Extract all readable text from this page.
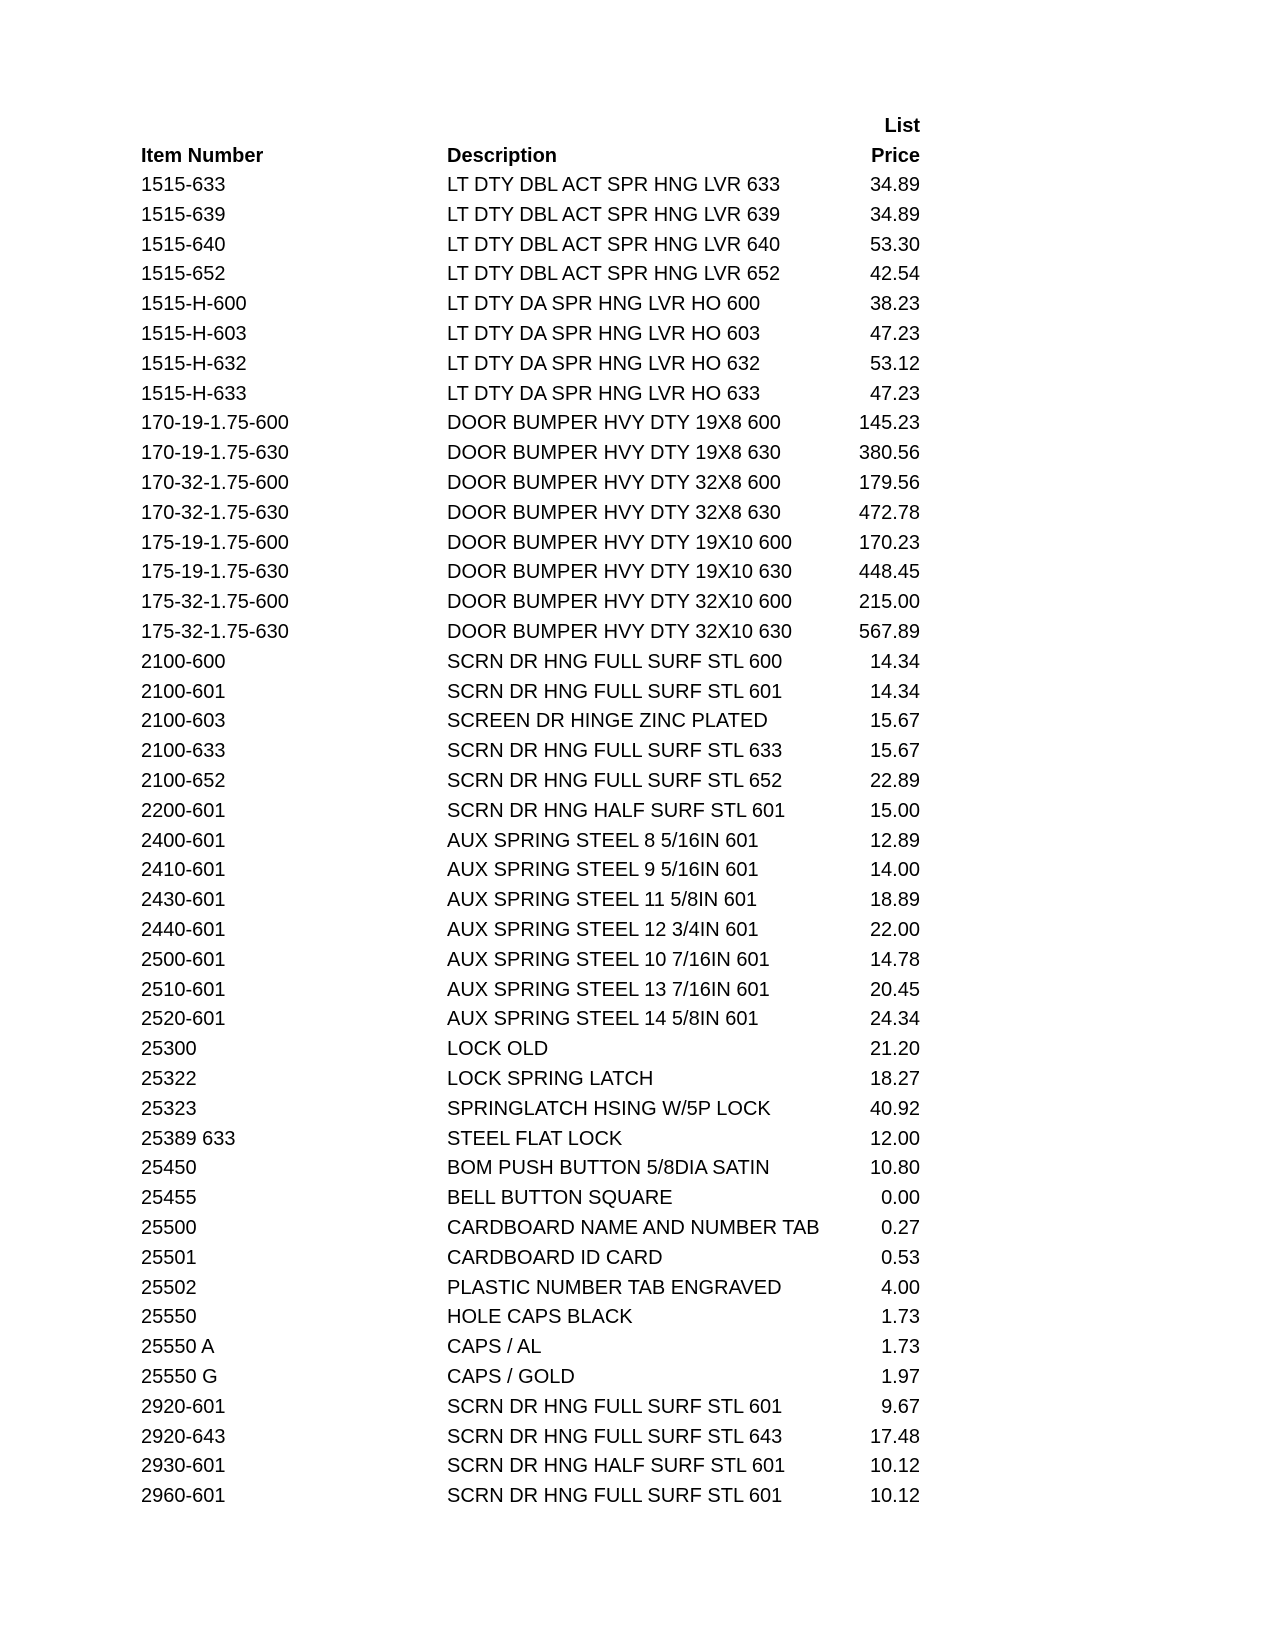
List
Item Number	Description	Price
1515-633	LT DTY DBL ACT SPR HNG LVR 633	34.89
1515-639	LT DTY DBL ACT SPR HNG LVR 639	34.89
1515-640	LT DTY DBL ACT SPR HNG LVR 640	53.30
1515-652	LT DTY DBL ACT SPR HNG LVR 652	42.54
1515-H-600	LT DTY DA SPR HNG LVR HO 600	38.23
1515-H-603	LT DTY DA SPR HNG LVR HO 603	47.23
1515-H-632	LT DTY DA SPR HNG LVR HO 632	53.12
1515-H-633	LT DTY DA SPR HNG LVR HO 633	47.23
170-19-1.75-600	DOOR BUMPER HVY DTY 19X8 600	145.23
170-19-1.75-630	DOOR BUMPER HVY DTY 19X8 630	380.56
170-32-1.75-600	DOOR BUMPER HVY DTY 32X8 600	179.56
170-32-1.75-630	DOOR BUMPER HVY DTY 32X8 630	472.78
175-19-1.75-600	DOOR BUMPER HVY DTY 19X10 600	170.23
175-19-1.75-630	DOOR BUMPER HVY DTY 19X10 630	448.45
175-32-1.75-600	DOOR BUMPER HVY DTY 32X10 600	215.00
175-32-1.75-630	DOOR BUMPER HVY DTY 32X10 630	567.89
2100-600	SCRN DR HNG FULL SURF STL 600	14.34
2100-601	SCRN DR HNG FULL SURF STL 601	14.34
2100-603	SCREEN DR HINGE ZINC PLATED	15.67
2100-633	SCRN DR HNG FULL SURF STL 633	15.67
2100-652	SCRN DR HNG FULL SURF STL 652	22.89
2200-601	SCRN DR HNG HALF SURF STL 601	15.00
2400-601	AUX SPRING STEEL 8 5/16IN 601	12.89
2410-601	AUX SPRING STEEL 9 5/16IN 601	14.00
2430-601	AUX SPRING STEEL 11 5/8IN 601	18.89
2440-601	AUX SPRING STEEL 12 3/4IN 601	22.00
2500-601	AUX SPRING STEEL 10 7/16IN 601	14.78
2510-601	AUX SPRING STEEL 13 7/16IN 601	20.45
2520-601	AUX SPRING STEEL 14 5/8IN 601	24.34
25300	LOCK OLD	21.20
25322	LOCK SPRING LATCH	18.27
25323	SPRINGLATCH HSING W/5P LOCK	40.92
25389 633	STEEL FLAT LOCK	12.00
25450	BOM PUSH BUTTON 5/8DIA SATIN	10.80
25455	BELL BUTTON SQUARE	0.00
25500	CARDBOARD NAME AND NUMBER TAB	0.27
25501	CARDBOARD ID CARD	0.53
25502	PLASTIC NUMBER TAB ENGRAVED	4.00
25550	HOLE CAPS BLACK	1.73
25550 A	CAPS / AL	1.73
25550 G	CAPS / GOLD	1.97
2920-601	SCRN DR HNG FULL SURF STL 601	9.67
2920-643	SCRN DR HNG FULL SURF STL 643	17.48
2930-601	SCRN DR HNG HALF SURF STL 601	10.12
2960-601	SCRN DR HNG FULL SURF STL 601	10.12
